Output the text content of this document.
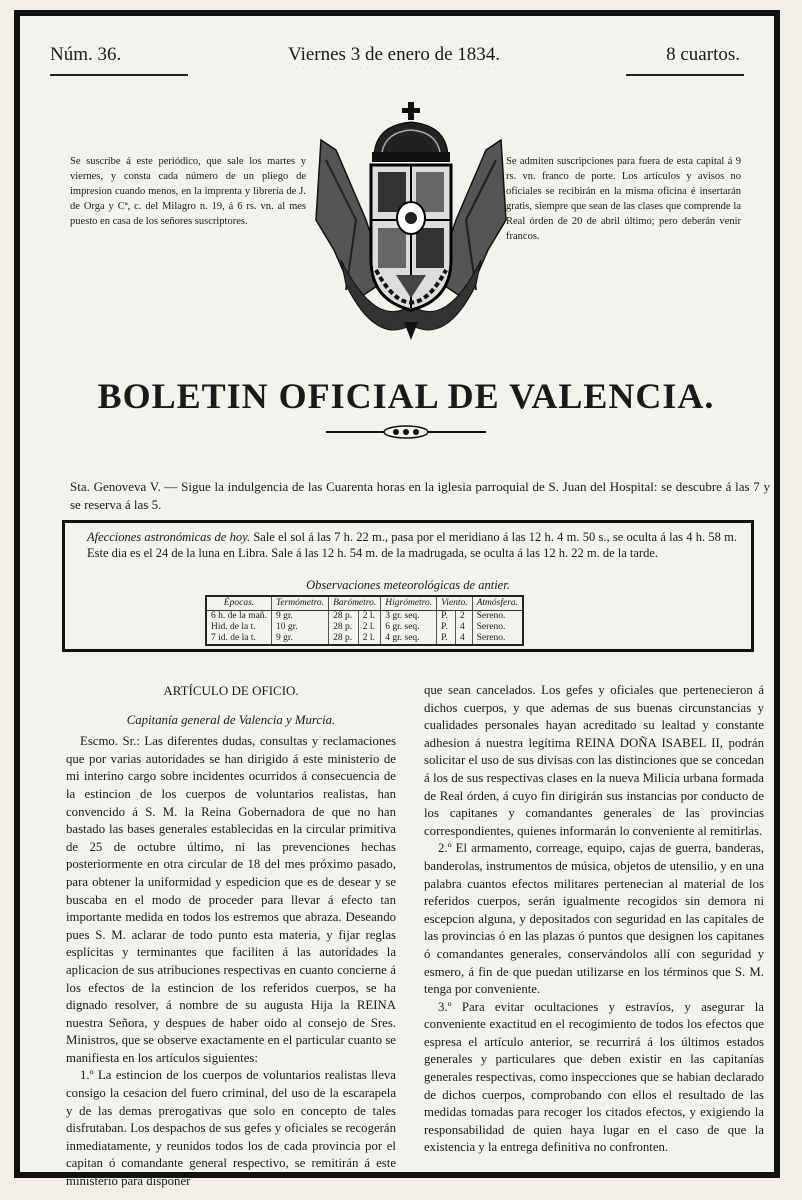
· · · · · · · · · · · · · · · · · · · · · · · · · · · · · · · · · · · · · ·
Núm. 36.	Viernes 3 de enero de 1834.	8 cuartos.
Se suscribe á este periódico, que sale los martes y viernes, y consta cada número de un pliego de impresion cuando menos, en la imprenta y librería de J. de Orga y Cª, c. del Milagro n. 19, á 6 rs. vn. al mes puesto en casa de los señores suscriptores.
Se admiten suscripciones para fuera de esta capital á 9 rs. vn. franco de porte. Los artículos y avisos no oficiales se recibirán en la misma oficina é insertarán gratis, siempre que sean de las clases que comprende la Real órden de 20 de abril último; pero deberán venir francos.
BOLETIN OFICIAL DE VALENCIA.
Sta. Genoveva V. — Sigue la indulgencia de las Cuarenta horas en la iglesia parroquial de S. Juan del Hospital: se descubre á las 7 y se reserva á las 5.
Afecciones astronómicas de hoy. Sale el sol á las 7 h. 22 m., pasa por el meridiano á las 12 h. 4 m. 50 s., se oculta á las 4 h. 58 m. Este dia es el 24 de la luna en Libra. Sale á las 12 h. 54 m. de la madrugada, se oculta á las 12 h. 22 m. de la tarde.
Observaciones meteorológicas de antier.
Épocas.	Termómetro.	Barómetro.		Higrómetro.	Viento.		Atmósfera.
6 h. de la mañ.	9 gr.	28 p.	2 l.	3 gr. seq.	P.	2	Sereno.
Hid. de la t.	10 gr.	28 p.	2 l.	6 gr. seq.	P.	4	Sereno.
7 id. de la t.	9 gr.	28 p.	2 l.	4 gr. seq.	P.	4	Sereno.

ARTÍCULO DE OFICIO.

Capitanía general de Valencia y Murcia.

Escmo. Sr.: Las diferentes dudas, consultas y reclamaciones que por varias autoridades se han dirigido á este ministerio de mi interino cargo sobre incidentes ocurridos á consecuencia de la estincion de los cuerpos de voluntarios realistas, han convencido á S. M. la Reina Gobernadora de que no han bastado las bases generales establecidas en la circular primitiva de 25 de octubre último, ni las prevenciones hechas posteriormente en otra circular de 18 del mes próximo pasado, para obtener la uniformidad y espedicion que es de desear y se buscaba en el modo de proceder para llevar á efecto tan importante medida en todos los estremos que abraza. Deseando pues S. M. aclarar de todo punto esta materia, y fijar reglas esplícitas y terminantes que faciliten á las autoridades la aplicacion de sus atribuciones respectivas en cuanto concierne á los efectos de la estincion de los referidos cuerpos, se ha dignado resolver, á nombre de su augusta Hija la REINA nuestra Señora, y despues de haber oido al consejo de Sres. Ministros, que se observe exactamente en el particular cuanto se manifiesta en los artículos siguientes:

1.º La estincion de los cuerpos de voluntarios realistas lleva consigo la cesacion del fuero criminal, del uso de la escarapela y de las demas prerogativas que solo en concepto de tales disfrutaban. Los despachos de sus gefes y oficiales se recogerán inmediatamente, y reunidos todos los de cada provincia por el capitan ó comandante general respectivo, se remitirán á este ministerio para disponer

que sean cancelados. Los gefes y oficiales que pertenecieron á dichos cuerpos, y que ademas de sus buenas circunstancias y cualidades personales hayan acreditado su lealtad y constante adhesion á nuestra legítima REINA DOÑA ISABEL II, podrán solicitar el uso de sus divisas con las distinciones que se concedan á los de sus respectivas clases en la nueva Milicia urbana formada de Real órden, á cuyo fin dirigirán sus instancias por conducto de los capitanes y comandantes generales de las provincias correspondientes, quienes informarán lo conveniente al remitirlas.

2.º El armamento, correage, equipo, cajas de guerra, banderas, banderolas, instrumentos de música, objetos de utensilio, y en una palabra cuantos efectos militares pertenecian al material de los referidos cuerpos, serán igualmente recogidos sin demora ni escepcion alguna, y depositados con seguridad en las capitales de las provincias ó en las plazas ó puntos que designen los capitanes ó comandantes generales, conservándolos allí con seguridad y esmero, á fin de que puedan utilizarse en los términos que S. M. tenga por conveniente.

3.º Para evitar ocultaciones y estravíos, y asegurar la conveniente exactitud en el recogimiento de todos los efectos que espresa el artículo anterior, se recurrirá á los últimos estados generales y particulares que deben existir en las capitanías generales respectivas, como inspecciones que se habian declarado de dichos cuerpos, comprobando con ellos el resultado de las medidas tomadas para recoger los citados efectos, y exigiendo la responsabilidad de quien haya lugar en el caso de que la existencia y la entrega definitiva no confronten.
